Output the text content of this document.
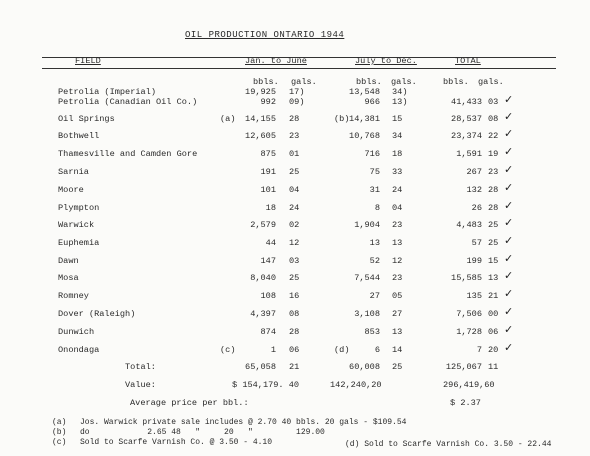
OIL PRODUCTION ONTARIO 1944
FIELD	Jan. to June	July to Dec.	TOTAL
bbls. gals.	bbls. gals.	bbls. gals.
Petrolia (Imperial)	19,925 17)	13,548 34)
Petrolia (Canadian Oil Co.)	992 09)	966 13)	41,433 03 ✓
Oil Springs	(a)	14,155 28	(b) 14,381 15	28,537 08 ✓
Bothwell	12,605 23	10,768 34	23,374 22 ✓
Thamesville and Camden Gore	875 01	716 18	1,591 19 ✓
Sarnia	191 25	75 33	267 23 ✓
Moore	101 04	31 24	132 28 ✓
Plympton	18 24	8 04	26 28 ✓
Warwick	2,579 02	1,904 23	4,483 25 ✓
Euphemia	44 12	13 13	57 25 ✓
Dawn	147 03	52 12	199 15 ✓
Mosa	8,040 25	7,544 23	15,585 13 ✓
Romney	108 16	27 05	135 21 ✓
Dover (Raleigh)	4,397 08	3,108 27	7,506 00 ✓
Dunwich	874 28	853 13	1,728 06 ✓
Onondaga	(c)	1 06	(d)	6 14	7 20 ✓
Total:	65,058 21	60,008 25	125,067 11
Value:	$ 154,179. 40	142,240,20	296,419,60
Average price per bbl.:	$ 2.37
(a) Jos. Warwick private sale includes @ 2.70 40 bbls. 20 gals - $109.54
(b) do            2.65 48   "     20   "         129.00
(c) Sold to Scarfe Varnish Co. @ 3.50 - 4.10	(d) Sold to Scarfe Varnish Co. 3.50 - 22.44
